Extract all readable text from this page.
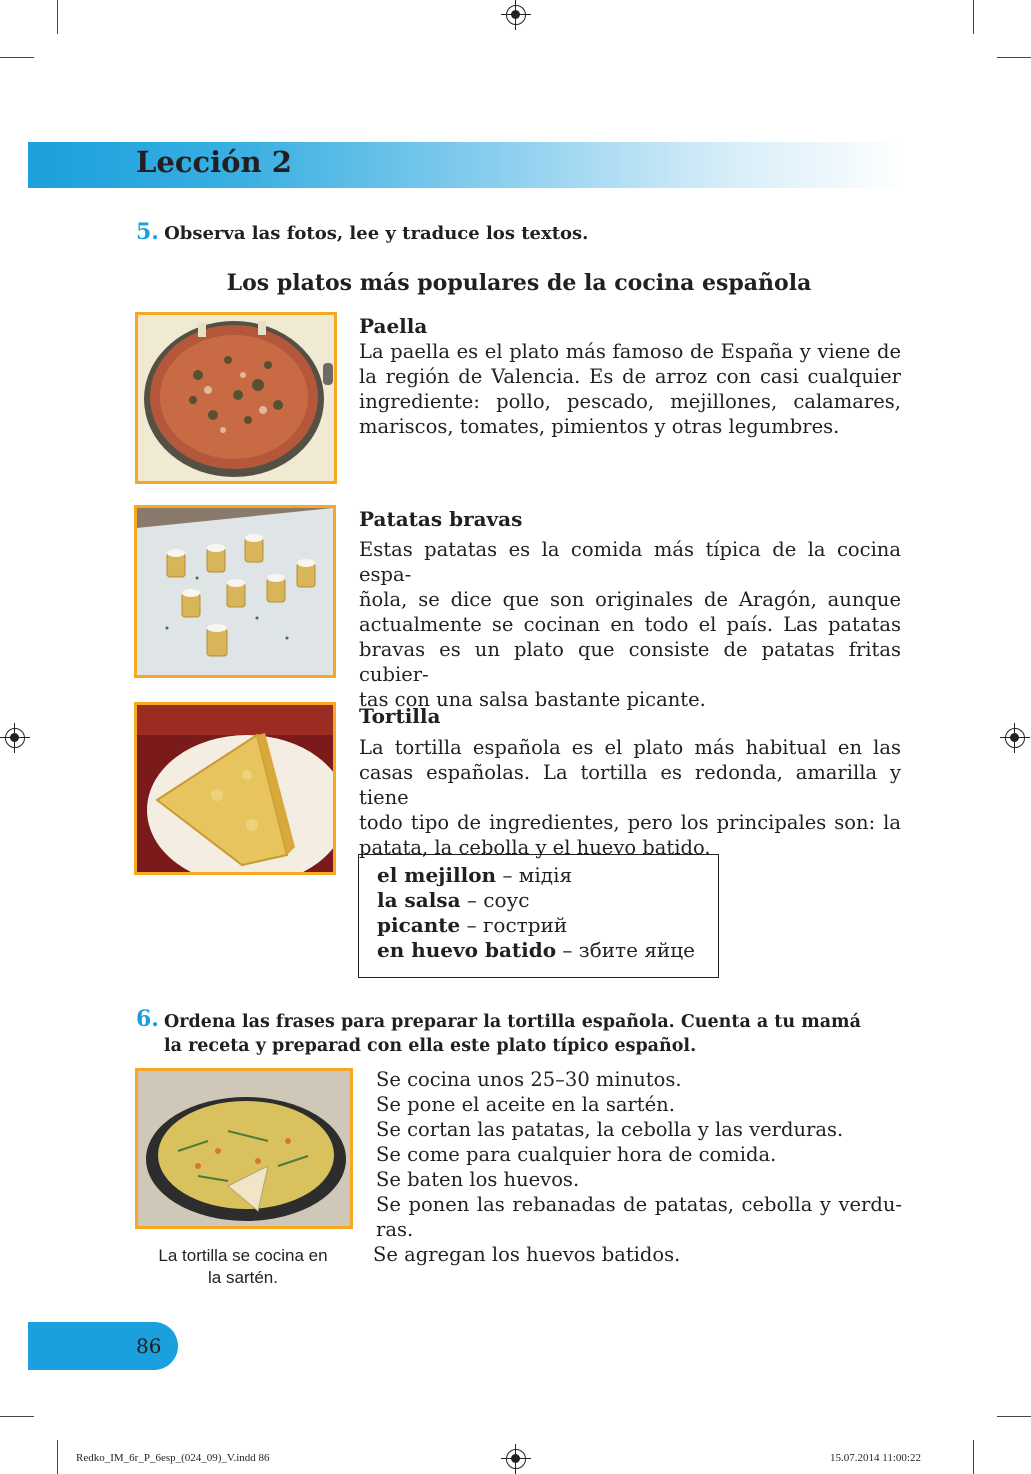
Lección 2
5. Observa las fotos, lee y traduce los textos.
Los platos más populares de la cocina española
Paella
La paella es el plato más famoso de España y viene de
la región de Valencia. Es de arroz con casi cualquier
ingrediente: pollo, pescado, mejillones, calamares,
mariscos, tomates, pimientos y otras legumbres.
Patatas bravas
Estas patatas es la comida más típica de la cocina espa-
ñola, se dice que son originales de Aragón, aunque
actualmente se cocinan en todo el país. Las patatas
bravas es un plato que consiste de patatas fritas cubier-
tas con una salsa bastante picante.
Tortilla
La tortilla española es el plato más habitual en las
casas españolas. La tortilla es redonda, amarilla y tiene
todo tipo de ingredientes, pero los principales son: la
patata, la cebolla y el huevo batido.
el mejillon – мідія
la salsa – соус
picante – гострий
en huevo batido – збите яйце
6. Ordena las frases para preparar la tortilla española. Cuenta a tu mamá
la receta y preparad con ella este plato típico español.
La tortilla se cocina en
la sartén.
Se cocina unos 25–30 minutos.
Se pone el aceite en la sartén.
Se cortan las patatas, la cebolla y las verduras.
Se come para cualquier hora de comida.
Se baten los huevos.
Se ponen las rebanadas de patatas, cebolla y verdu-
ras.
Se agregan los huevos batidos.
86
Redko_IM_6r_P_6esp_(024_09)_V.indd 86	15.07.2014 11:00:22
